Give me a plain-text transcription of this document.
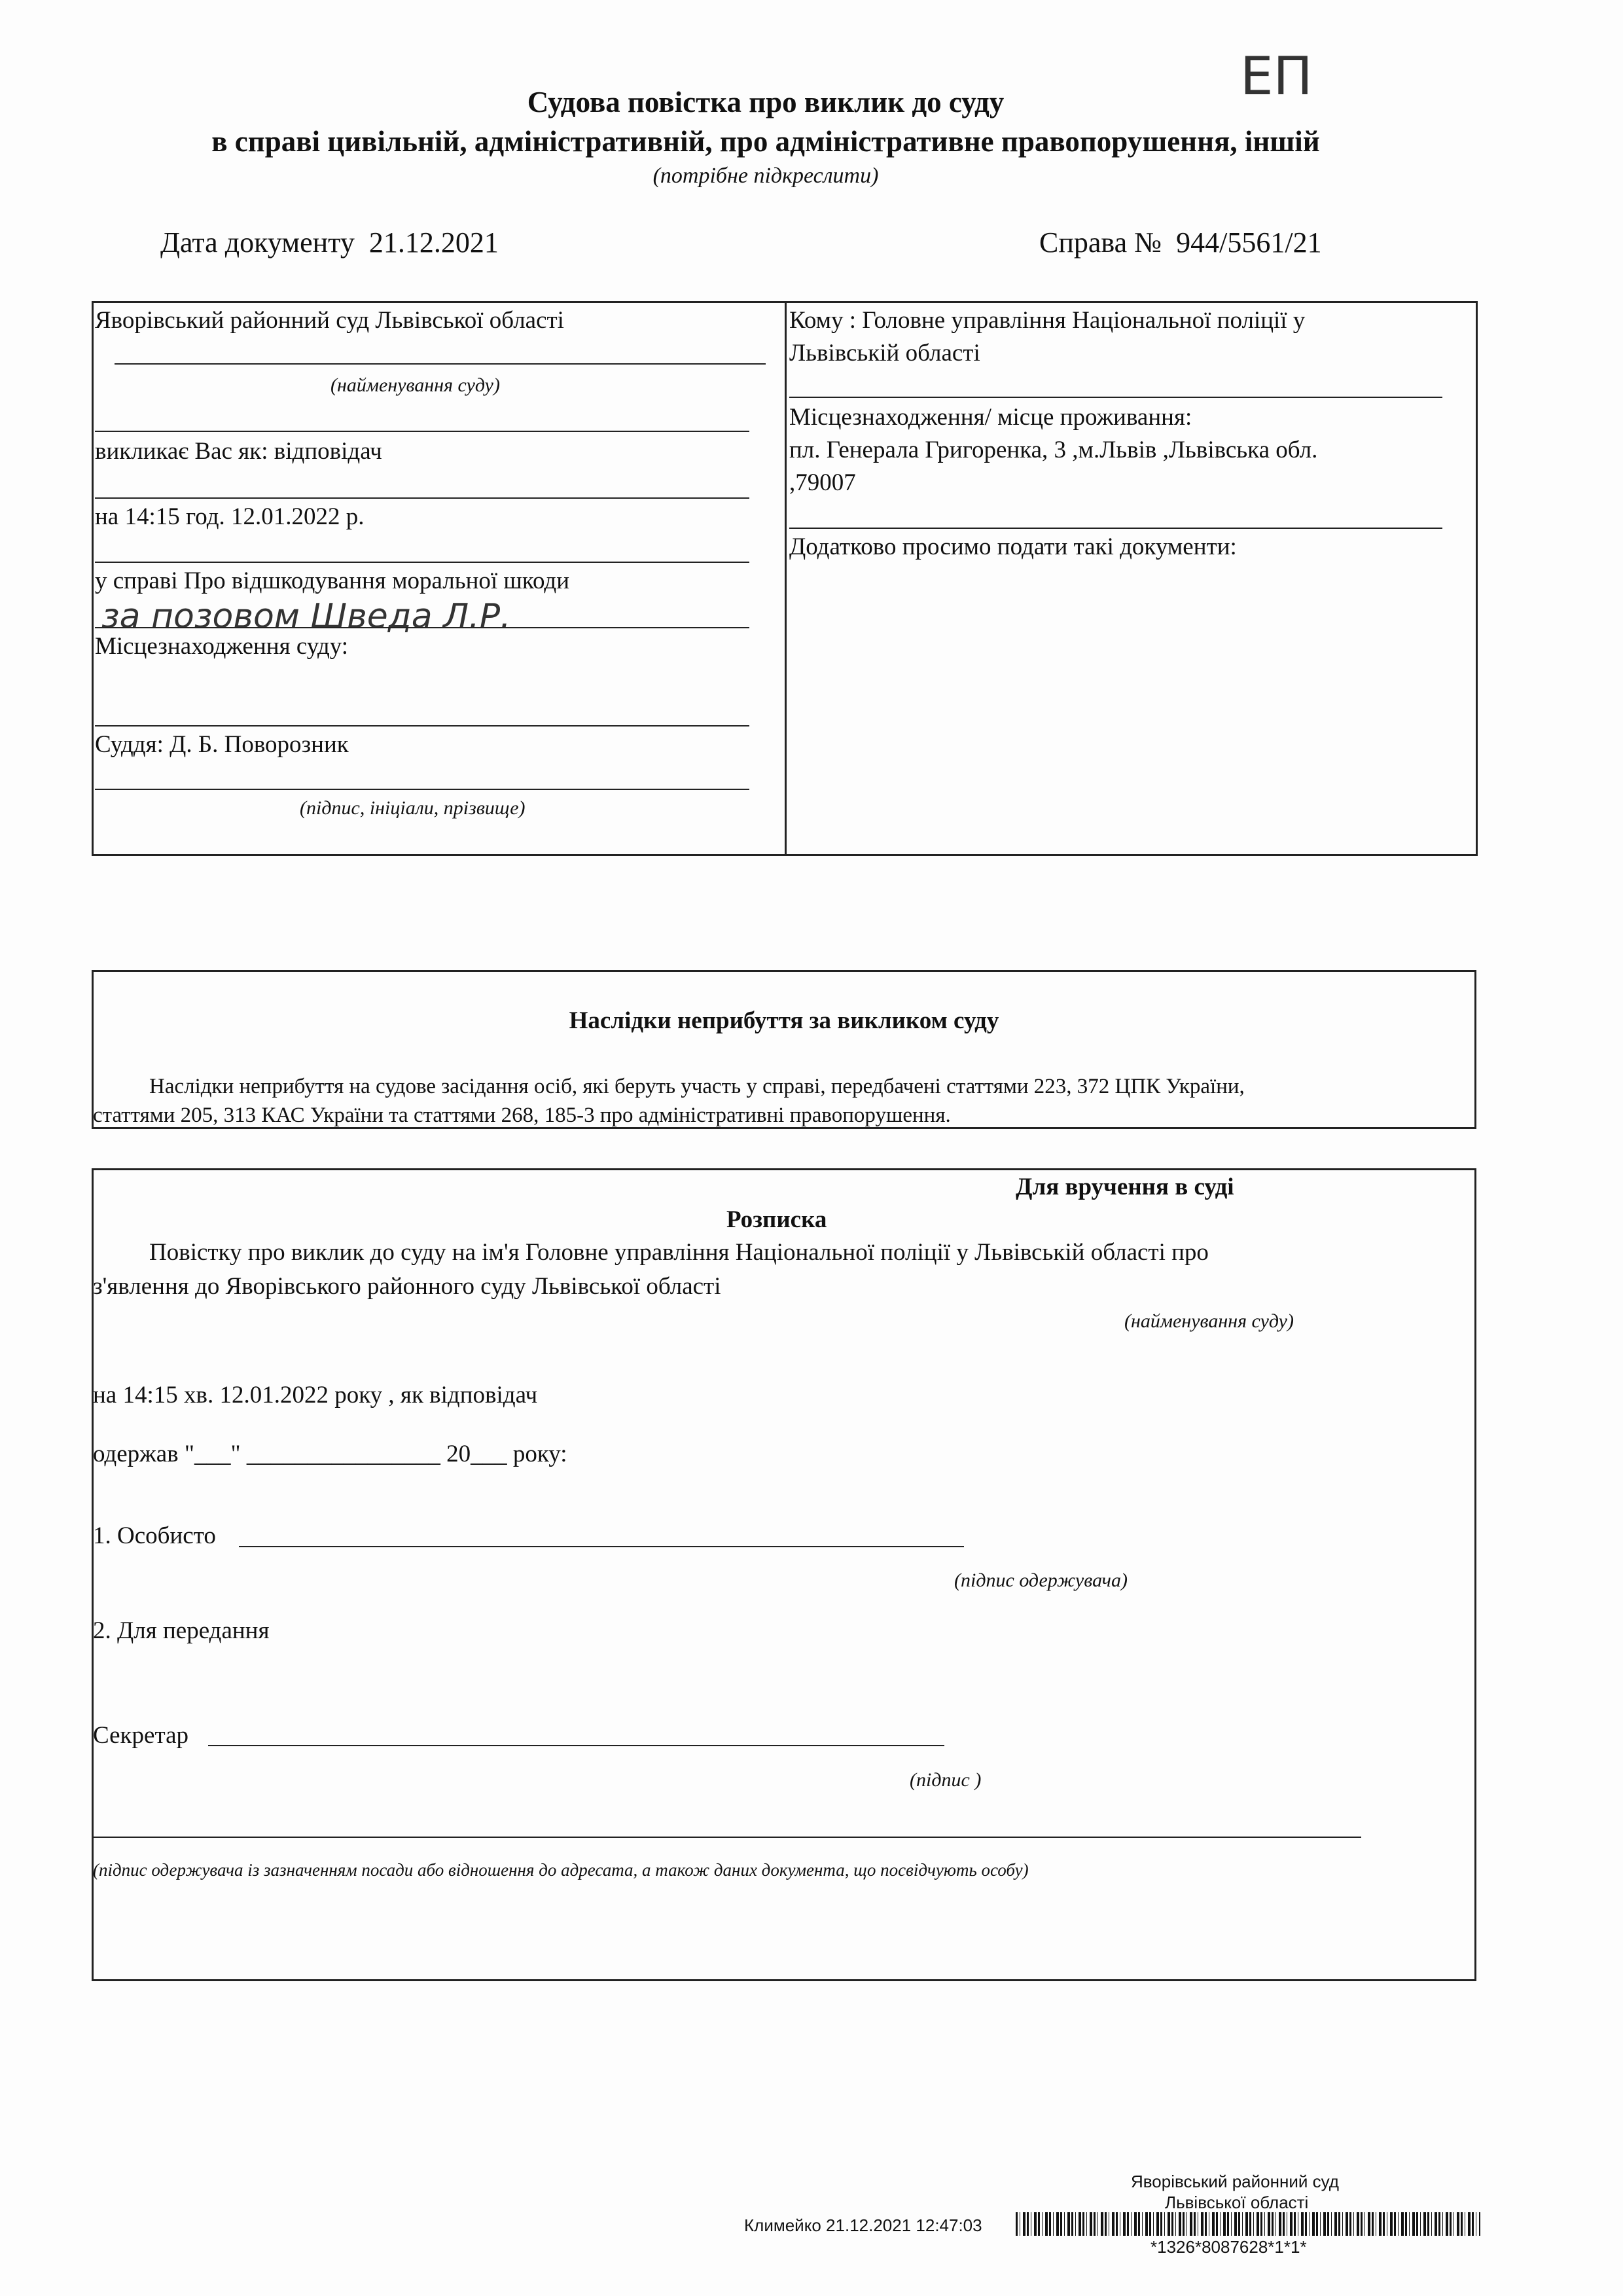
ЕП
Судова повістка про виклик до суду
в справі цивільній, адміністративній, про адміністративне правопорушення, іншій
(потрібне підкреслити)
Дата документу 21.12.2021	Справа № 944/5561/21
Яворівський районний суд Львівської області
(найменування суду)
викликає Вас як: відповідач
на 14:15 год. 12.01.2022 р.
у справі Про відшкодування моральної шкоди
за позовом Шведа Л.Р.
Місцезнаходження суду:
Суддя: Д. Б. Поворозник
(підпис, ініціали, прізвище)
Кому : Головне управління Національної поліції у
Львівській області
Місцезнаходження/ місце проживання:
пл. Генерала Григоренка, 3 ,м.Львів ,Львівська обл.
,79007
Додатково просимо подати такі документи:
Наслідки неприбуття за викликом суду
Наслідки неприбуття на судове засідання осіб, які беруть участь у справі, передбачені статтями 223, 372 ЦПК України,
статтями 205, 313 КАС України та статтями 268, 185-3 про адміністративні правопорушення.
Для вручення в суді
Розписка
Повістку про виклик до суду на ім'я Головне управління Національної поліції у Львівській області про
з'явлення до Яворівського районного суду Львівської області
(найменування суду)
на 14:15 хв. 12.01.2022 року , як відповідач
одержав "___" ________________ 20___ року:
1. Особисто
(підпис одержувача)
2. Для передання
Секретар
(підпис )
(підпис одержувача із зазначенням посади або відношення до адресата, а також даних документа, що посвідчують особу)
Яворівський районний суд
Львівської області
Климейко 21.12.2021 12:47:03
*1326*8087628*1*1*
